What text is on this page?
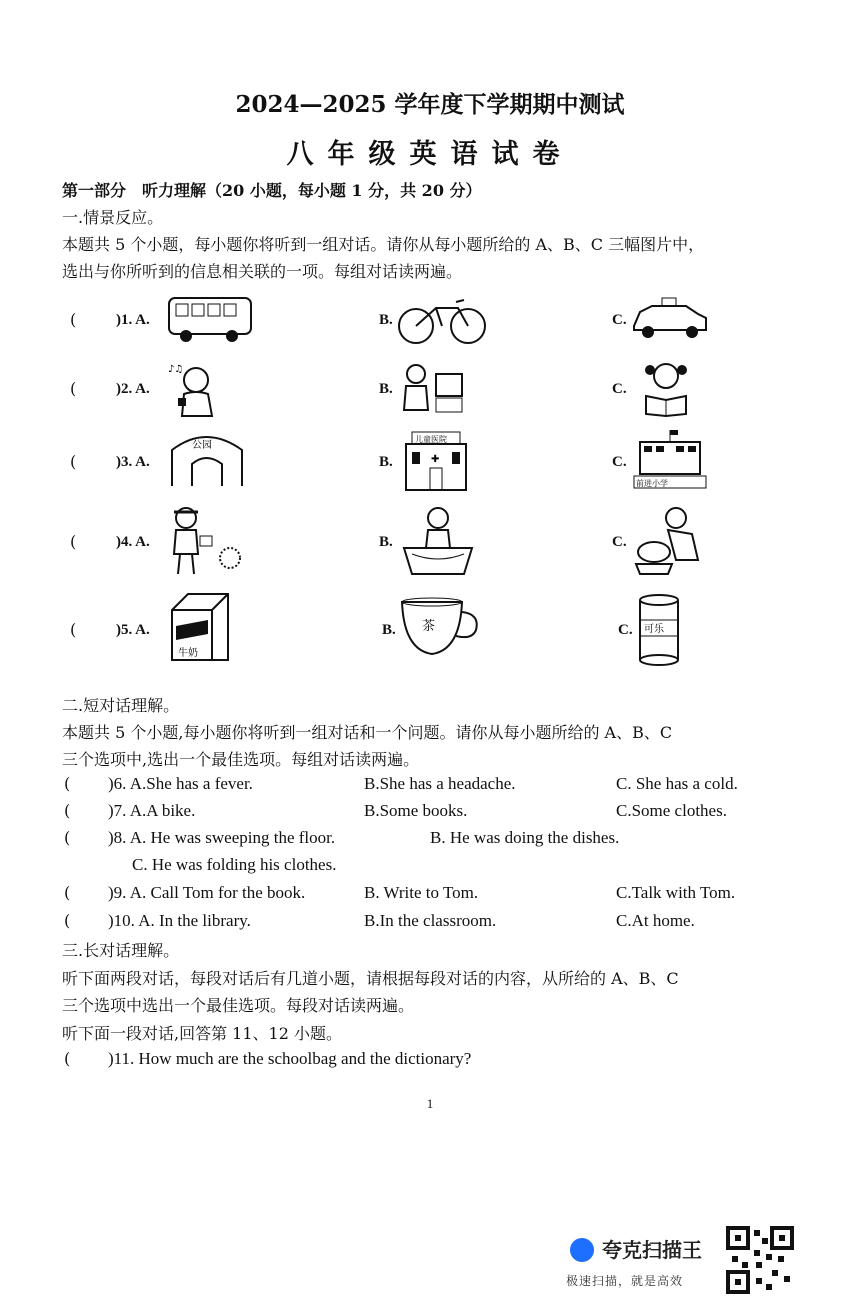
2024—2025 学年度下学期期中测试
八年级英语试卷
第一部分　听力理解（20 小题，每小题 1 分，共 20 分）
一.情景反应。
本题共 5 个小题，每小题你将听到一组对话。请你从每小题所给的 A、B、C 三幅图片中，
选出与你所听到的信息相关联的一项。每组对话读两遍。
(	)1. A.	B.	C.
(	)2. A.
♪♫
B.	C.
(	)3. A.
公园
B.
儿童医院
✚	C.
前进小学
(	)4. A.	B.	C.
(	)5. A.
牛奶
B. 茶	C. 可乐
二.短对话理解。
本题共 5 个小题,每小题你将听到一组对话和一个问题。请你从每小题所给的 A、B、C
三个选项中,选出一个最佳选项。每组对话读两遍。
( )6. A.She has a fever.	B.She has a headache.	C. She has a cold.
( )7. A.A bike.	B.Some books.	C.Some clothes.
( )8. A. He was sweeping the floor.	B. He was doing the dishes.
C. He was folding his clothes.
( )9. A. Call Tom for the book.	B. Write to Tom.	C.Talk with Tom.
( )10. A. In the library.	B.In the classroom.	C.At home.
三.长对话理解。
听下面两段对话，每段对话后有几道小题，请根据每段对话的内容，从所给的 A、B、C
三个选项中选出一个最佳选项。每段对话读两遍。
听下面一段对话,回答第 11、12 小题。
( )11. How much are the schoolbag and the dictionary?
1
夸克扫描王
极速扫描，就是高效
